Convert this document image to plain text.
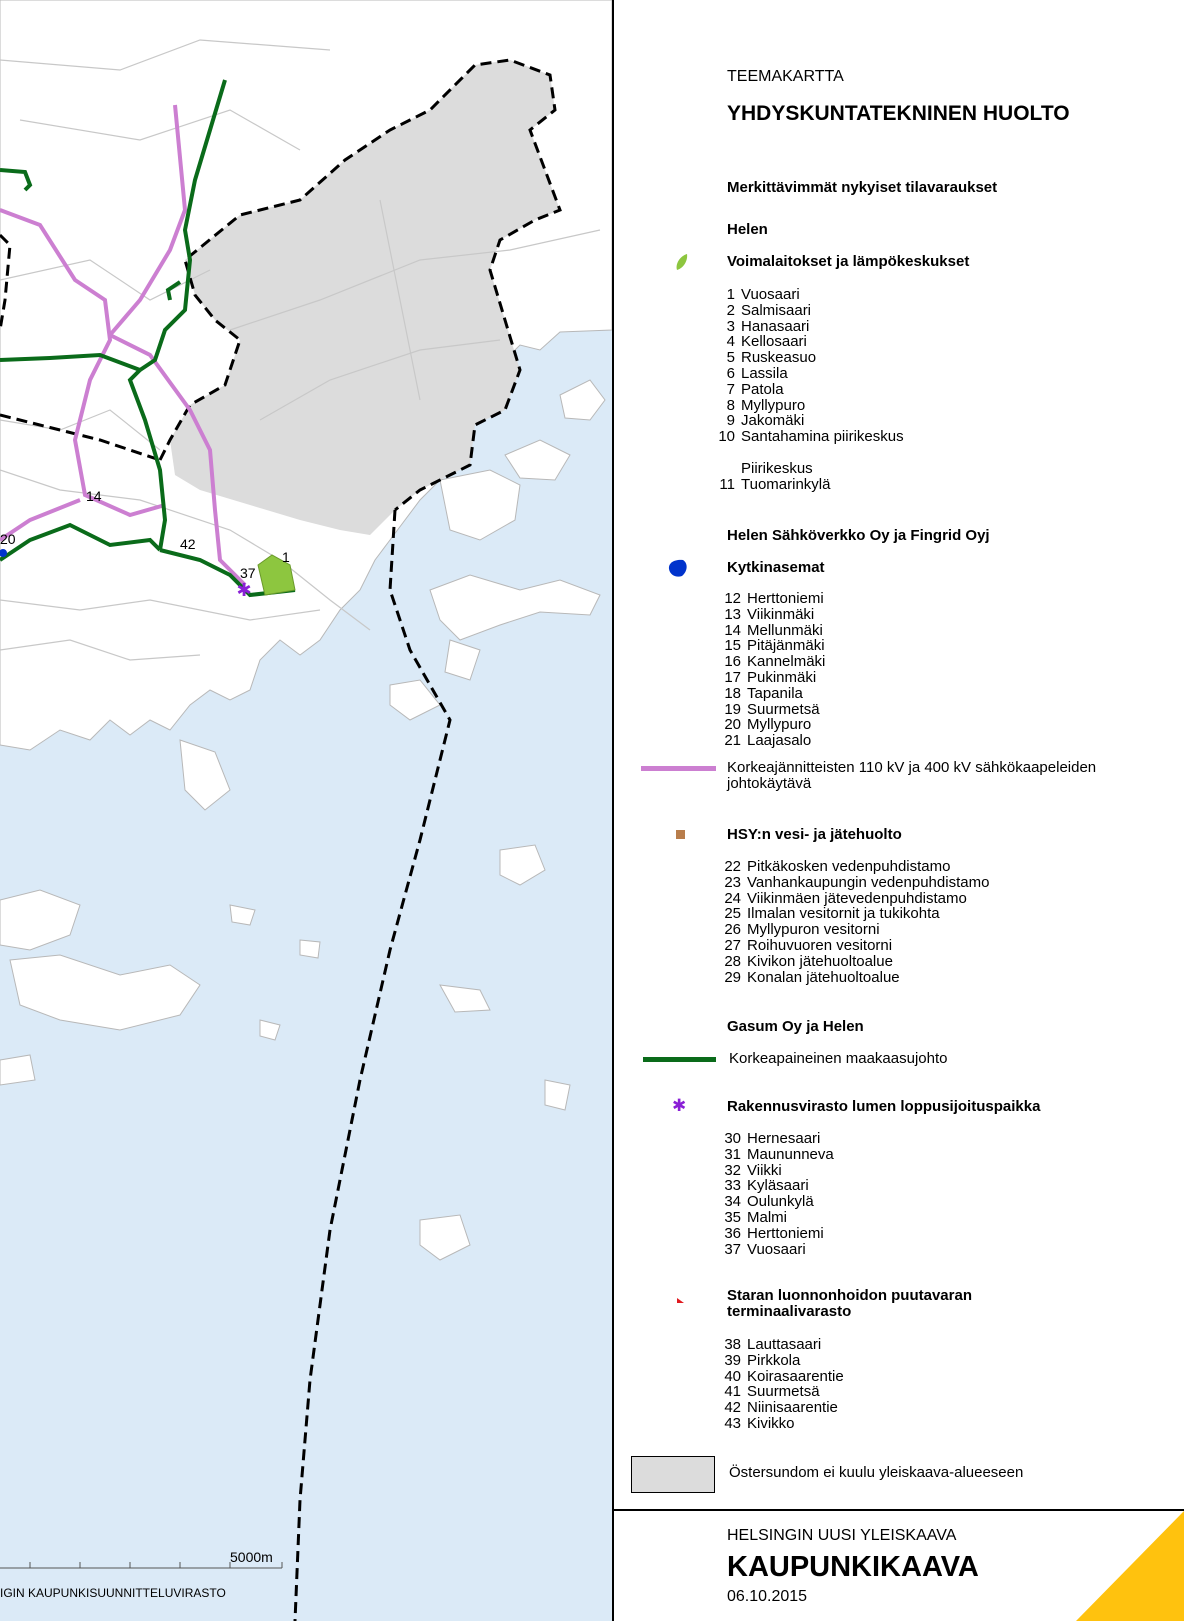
✱
14
20	42
37
1
5000m
IGIN KAUPUNKISUUNNITTELUVIRASTO
TEEMAKARTTA
YHDYSKUNTATEKNINEN HUOLTO
Merkittävimmät nykyiset tilavaraukset
Helen
Voimalaitokset ja lämpökeskukset
1 Vuosaari
2 Salmisaari
3 Hanasaari
4 Kellosaari
5 Ruskeasuo
6 Lassila
7 Patola
8 Myllypuro
9 Jakomäki
10 Santahamina piirikeskus
Piirikeskus
11 Tuomarinkylä
Helen Sähköverkko Oy ja Fingrid Oyj
Kytkinasemat
12 Herttoniemi
13 Viikinmäki
14 Mellunmäki
15 Pitäjänmäki
16 Kannelmäki
17 Pukinmäki
18 Tapanila
19 Suurmetsä
20 Myllypuro
21 Laajasalo
Korkeajännitteisten 110 kV ja 400 kV sähkökaapeleiden
johtokäytävä
HSY:n vesi- ja jätehuolto
22 Pitkäkosken vedenpuhdistamo
23 Vanhankaupungin vedenpuhdistamo
24 Viikinmäen jätevedenpuhdistamo
25 Ilmalan vesitornit ja tukikohta
26 Myllypuron vesitorni
27 Roihuvuoren vesitorni
28 Kivikon jätehuoltoalue
29 Konalan jätehuoltoalue
Gasum Oy ja Helen
Korkeapaineinen maakaasujohto
✱	Rakennusvirasto lumen loppusijoituspaikka
30 Hernesaari
31 Maununneva
32 Viikki
33 Kyläsaari
34 Oulunkylä
35 Malmi
36 Herttoniemi
37 Vuosaari
Staran luonnonhoidon puutavaran
terminaalivarasto
38 Lauttasaari
39 Pirkkola
40 Koirasaarentie
41 Suurmetsä
42 Niinisaarentie
43 Kivikko
Östersundom ei kuulu yleiskaava-alueeseen
HELSINGIN UUSI YLEISKAAVA
KAUPUNKIKAAVA
06.10.2015
